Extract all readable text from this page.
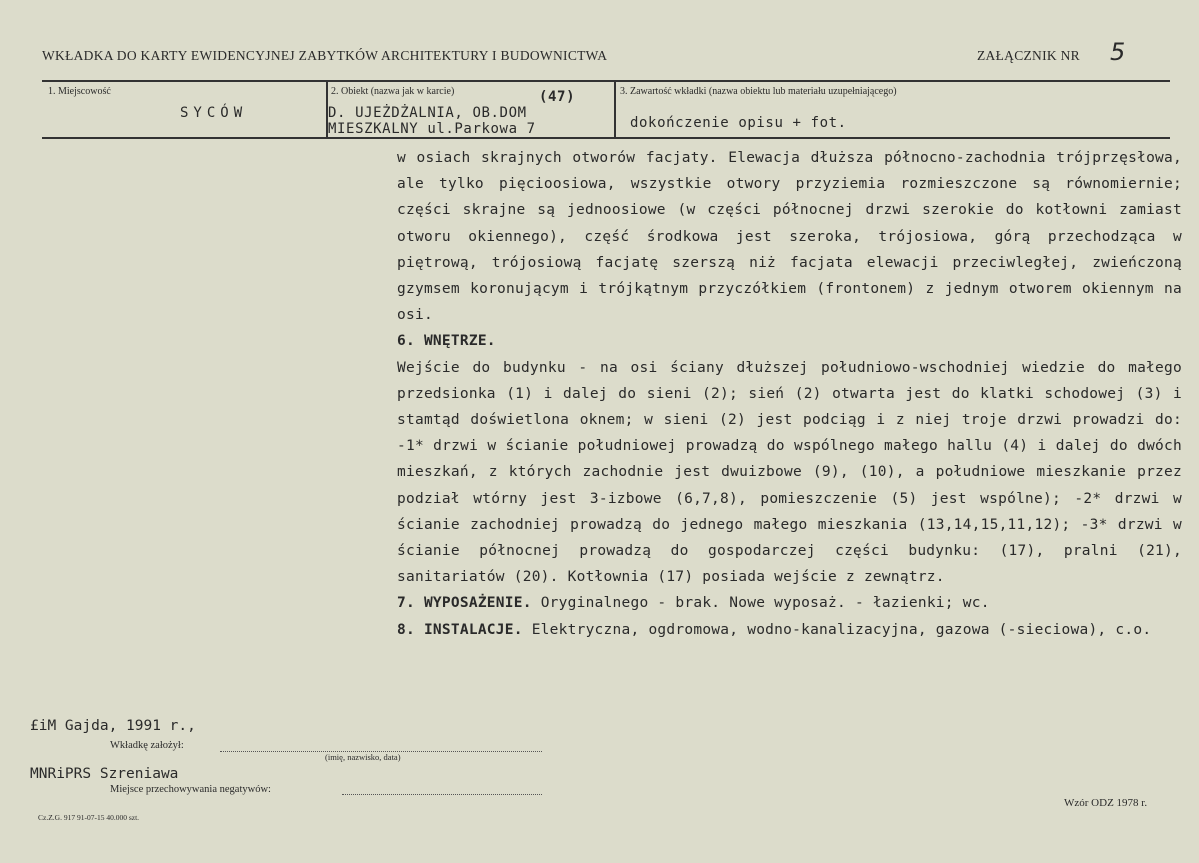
WKŁADKA DO KARTY EWIDENCYJNEJ ZABYTKÓW ARCHITEKTURY I BUDOWNICTWA	ZAŁĄCZNIK NR 5
1. Miejscowość
SYCÓW
2. Obiekt (nazwa jak w karcie)	(47)
D. UJEŻDŻALNIA, OB.DOM
MIESZKALNY ul.Parkowa 7
3. Zawartość wkładki (nazwa obiektu lub materiału uzupełniającego)
dokończenie opisu + fot.

w osiach skrajnych otworów facjaty. Elewacja dłuższa północno-zachodnia trójprzęsłowa, ale tylko pięcioosiowa, wszystkie otwory przyziemia rozmieszczone są równomiernie; części skrajne są jednoosiowe (w części północnej drzwi szerokie do kotłowni zamiast otworu okiennego), część środkowa jest szeroka, trójosiowa, górą przechodząca w piętrową, trójosiową facjatę szerszą niż facjata elewacji przeciwległej, zwieńczoną gzymsem koronującym i trójkątnym przyczółkiem (frontonem) z jednym otworem okiennym na osi.

6. WNĘTRZE.

Wejście do budynku - na osi ściany dłuższej południowo-wschodniej wiedzie do małego przedsionka (1) i dalej do sieni (2); sień (2) otwarta jest do klatki schodowej (3) i stamtąd doświetlona oknem; w sieni (2) jest podciąg i z niej troje drzwi prowadzi do: -1* drzwi w ścianie południowej prowadzą do wspólnego małego hallu (4) i dalej do dwóch mieszkań, z których zachodnie jest dwuizbowe (9), (10), a południowe mieszkanie przez podział wtórny jest 3-izbowe (6,7,8), pomieszczenie (5) jest wspólne); -2* drzwi w ścianie zachodniej prowadzą do jednego małego mieszkania (13,14,15,11,12); -3* drzwi w ścianie północnej prowadzą do gospodarczej części budynku: (17), pralni (21), sanitariatów (20). Kotłownia (17) posiada wejście z zewnątrz.

7. WYPOSAŻENIE. Oryginalnego - brak. Nowe wyposaż. - łazienki; wc.

8. INSTALACJE. Elektryczna, ogdromowa, wodno-kanalizacyjna, gazowa (-sieciowa), c.o.

£iM Gajda, 1991 r.,
Wkładkę założył:
(imię, nazwisko, data)
MNRiPRS Szreniawa
Miejsce przechowywania negatywów:
Cz.Z.G. 917 91-07-15 40.000 szt.
Wzór ODZ 1978 r.
